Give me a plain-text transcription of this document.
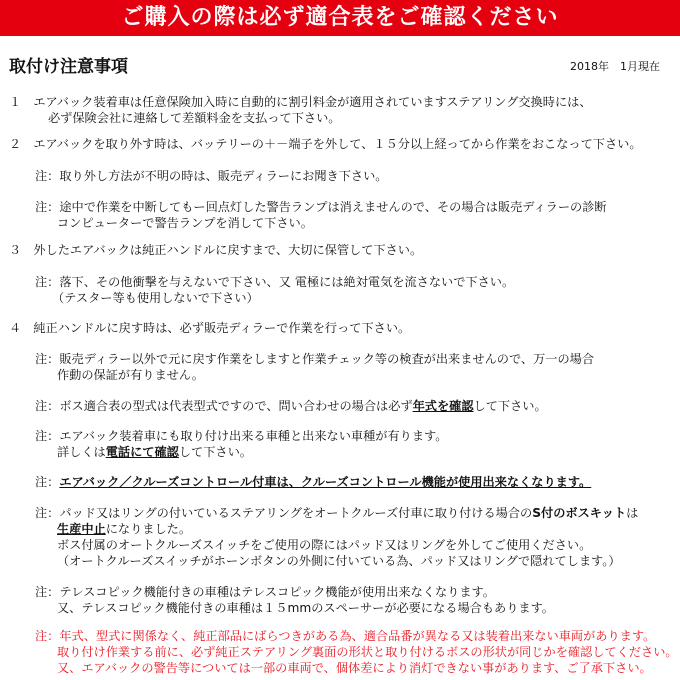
ご購入の際は必ず適合表をご確認ください
取付け注意事項	2018年　1月現在
１　エアバック装着車は任意保険加入時に自動的に割引料金が適用されていますステアリング交換時には、
必ず保険会社に連絡して差額料金を支払って下さい。
２　エアバックを取り外す時は、バッテリーの＋－端子を外して、１５分以上経ってから作業をおこなって下さい。
注：取り外し方法が不明の時は、販売ディラーにお聞き下さい。
注：途中で作業を中断してもー回点灯した警告ランプは消えませんので、その場合は販売ディラーの診断
コンピューターで警告ランプを消して下さい。
３　外したエアバックは純正ハンドルに戻すまで、大切に保管して下さい。
注：落下、その他衝撃を与えないで下さい、又 電極には絶対電気を流さないで下さい。
（テスター等も使用しないで下さい）
４　純正ハンドルに戻す時は、必ず販売ディラーで作業を行って下さい。
注：販売ディラー以外で元に戻す作業をしますと作業チェック等の検査が出来ませんので、万一の場合
作動の保証が有りません。
注：ボス適合表の型式は代表型式ですので、問い合わせの場合は必ず年式を確認して下さい。
注：エアバック装着車にも取り付け出来る車種と出来ない車種が有ります。
詳しくは電話にて確認して下さい。
注：エアバック／クルーズコントロール付車は、クルーズコントロール機能が使用出来なくなります。
注：パッド又はリングの付いているステアリングをオートクルーズ付車に取り付ける場合のS付のボスキットは
生産中止になりました。
ボス付属のオートクルーズスイッチをご使用の際にはパッド又はリングを外してご使用ください。
（オートクルーズスイッチがホーンボタンの外側に付いている為、パッド又はリングで隠れてします。）
注：テレスコピック機能付きの車種はテレスコピック機能が使用出来なくなります。
又、テレスコピック機能付きの車種は１５mmのスペーサーが必要になる場合もあります。
注：年式、型式に関係なく、純正部品にばらつきがある為、適合品番が異なる又は装着出来ない車両があります。
取り付け作業する前に、必ず純正ステアリング裏面の形状と取り付けるボスの形状が同じかを確認してください。
又、エアバックの警告等については一部の車両で、個体差により消灯できない事があります、ご了承下さい。
